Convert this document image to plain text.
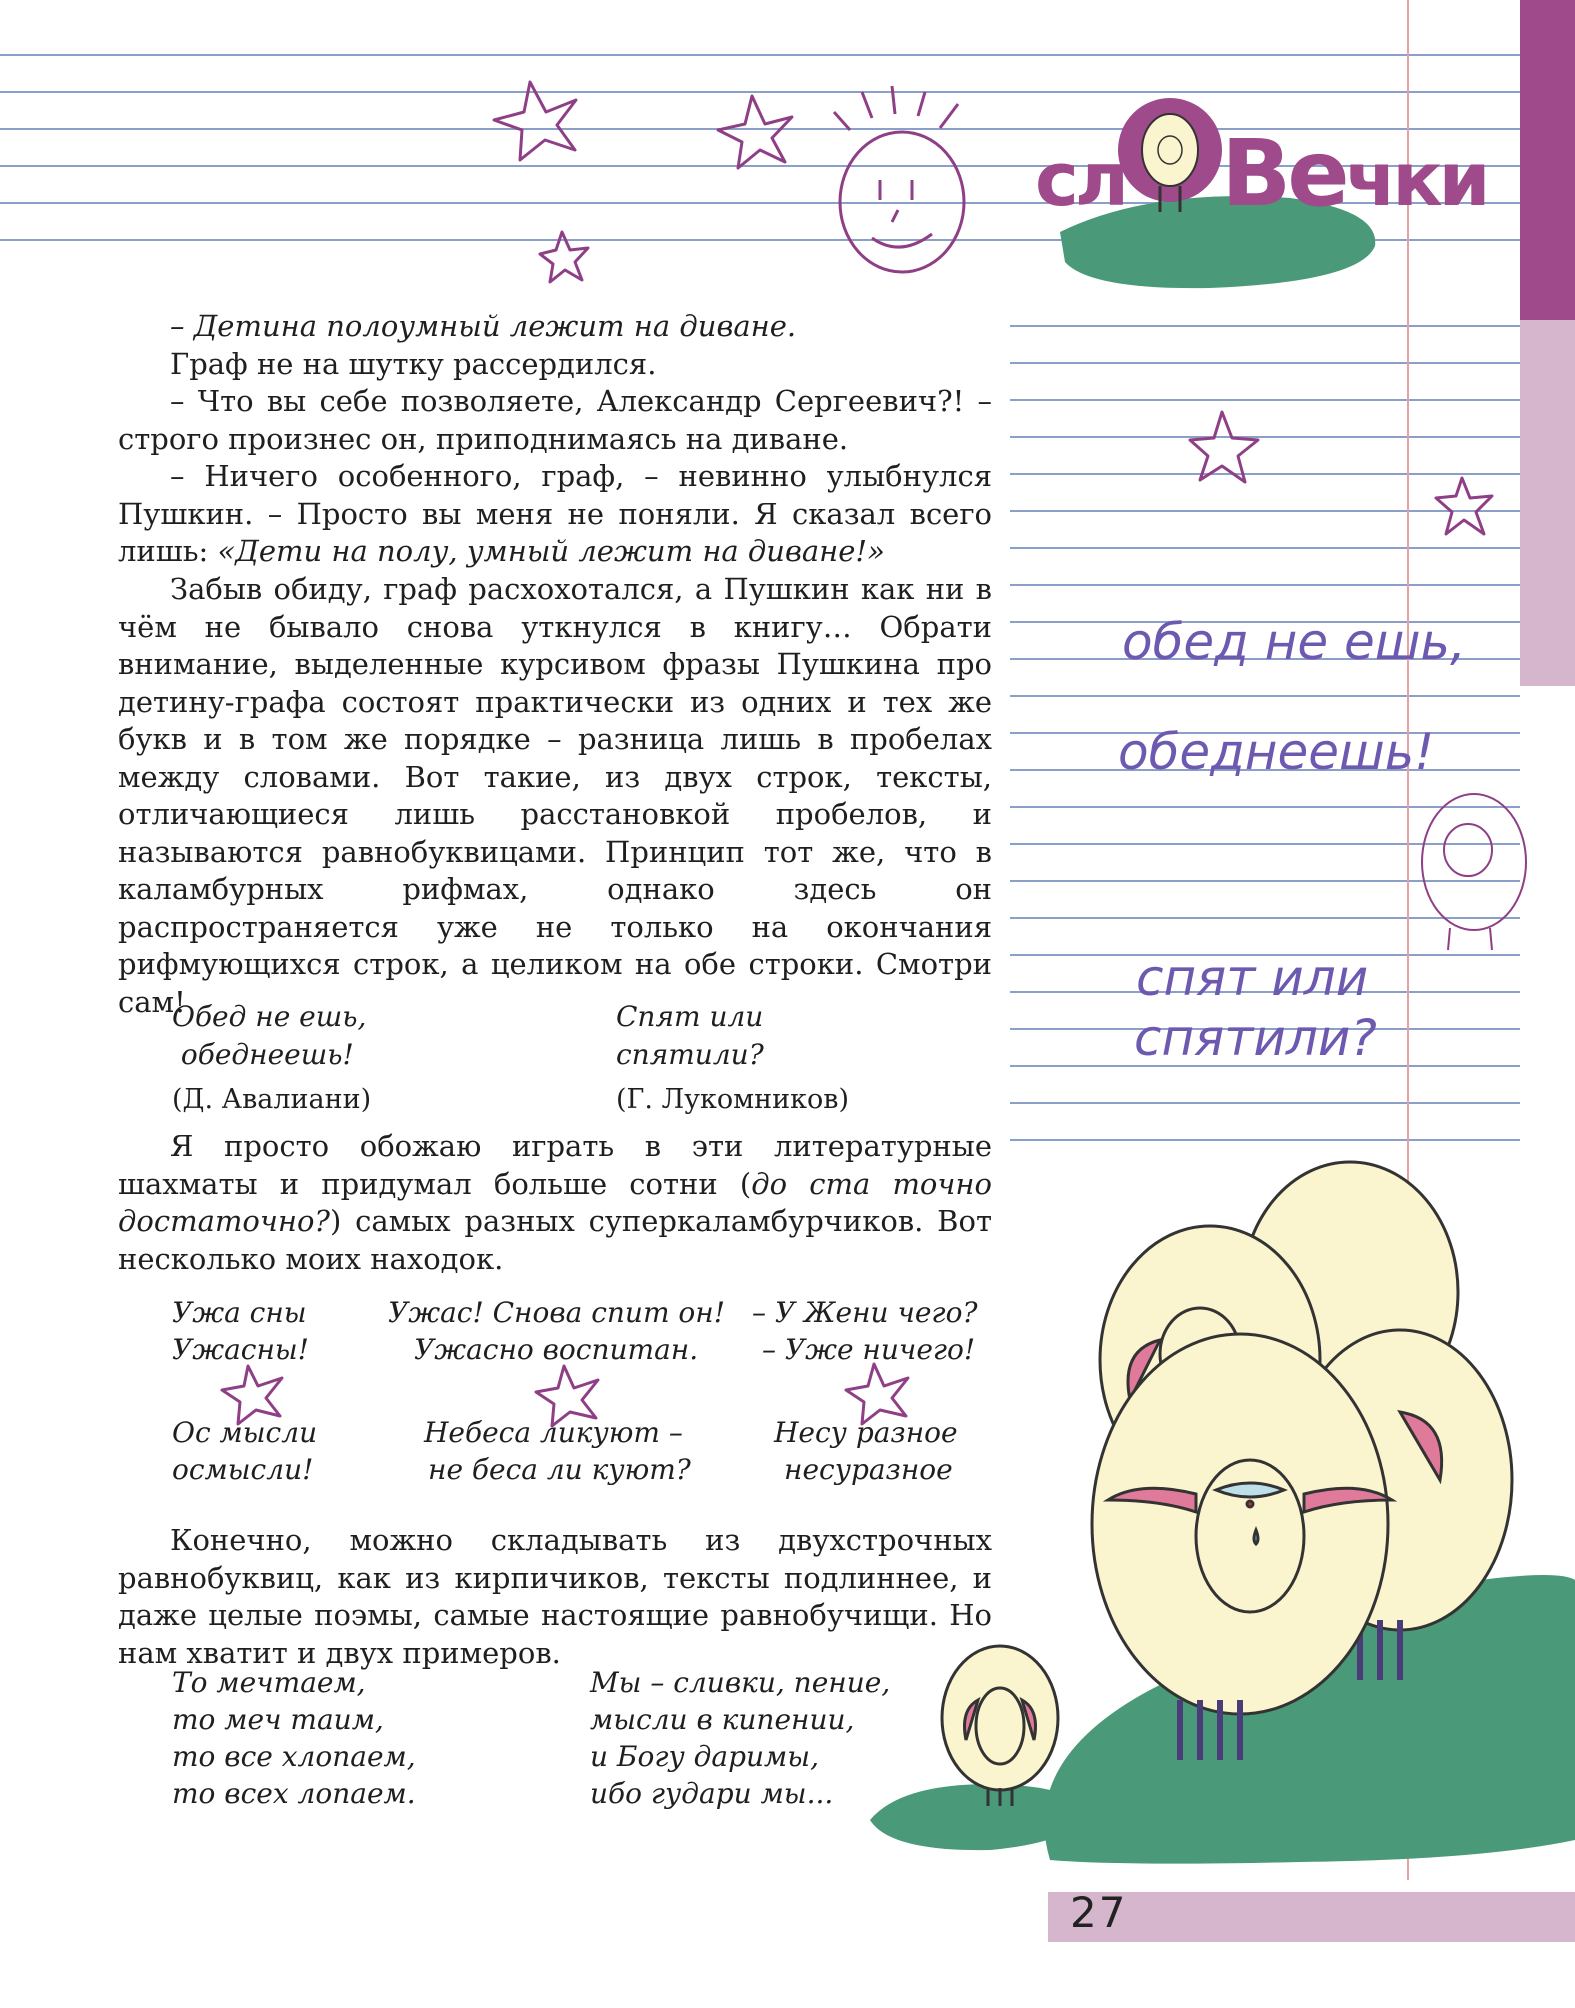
27
сл Вечки
– Детина полоумный лежит на диване.
Граф не на шутку рассердился.
– Что вы себе позволяете, Александр Сергеевич?! – строго произнес он, приподнимаясь на диване.
– Ничего особенного, граф, – невинно улыбнулся Пушкин. – Просто вы меня не поняли. Я сказал всего лишь: «Дети на полу, умный лежит на диване!»
Забыв обиду, граф расхохотался, а Пушкин как ни в чём не бывало снова уткнулся в книгу… Обрати внимание, выделенные курсивом фразы Пушкина про детину-графа состоят практически из одних и тех же букв и в том же порядке – разница лишь в пробелах между словами. Вот такие, из двух строк, тексты, отличающиеся лишь расстановкой пробелов, и называются равнобуквицами. Принцип тот же, что в каламбурных рифмах, однако здесь он распространяется уже не только на окончания рифмующихся строк, а целиком на обе строки. Смотри сам!
Обед не ешь,
обеднеешь!
(Д. Авалиани)
Спят или
спятили?
(Г. Лукомников)
Я просто обожаю играть в эти литературные шахматы и придумал больше сотни (до ста точно достаточно?) самых разных суперкаламбурчиков. Вот несколько моих находок.
Ужа сны
Ужасны!
Ужас! Снова спит он!
Ужасно воспитан.
– У Жени чего?
– Уже ничего!
Ос мысли
осмысли!
Небеса ликуют –
не беса ли куют?
Несу разное
несуразное
Конечно, можно складывать из двухстрочных равнобуквиц, как из кирпичиков, тексты подлиннее, и даже целые поэмы, самые настоящие равнобучищи. Но нам хватит и двух примеров.
То мечтаем,
то меч таим,
то все хлопаем,
то всех лопаем.
Мы – сливки, пение,
мысли в кипении,
и Богу даримы,
ибо гудари мы...
обед не ешь,
обеднеешь!
спят или
спятили?
